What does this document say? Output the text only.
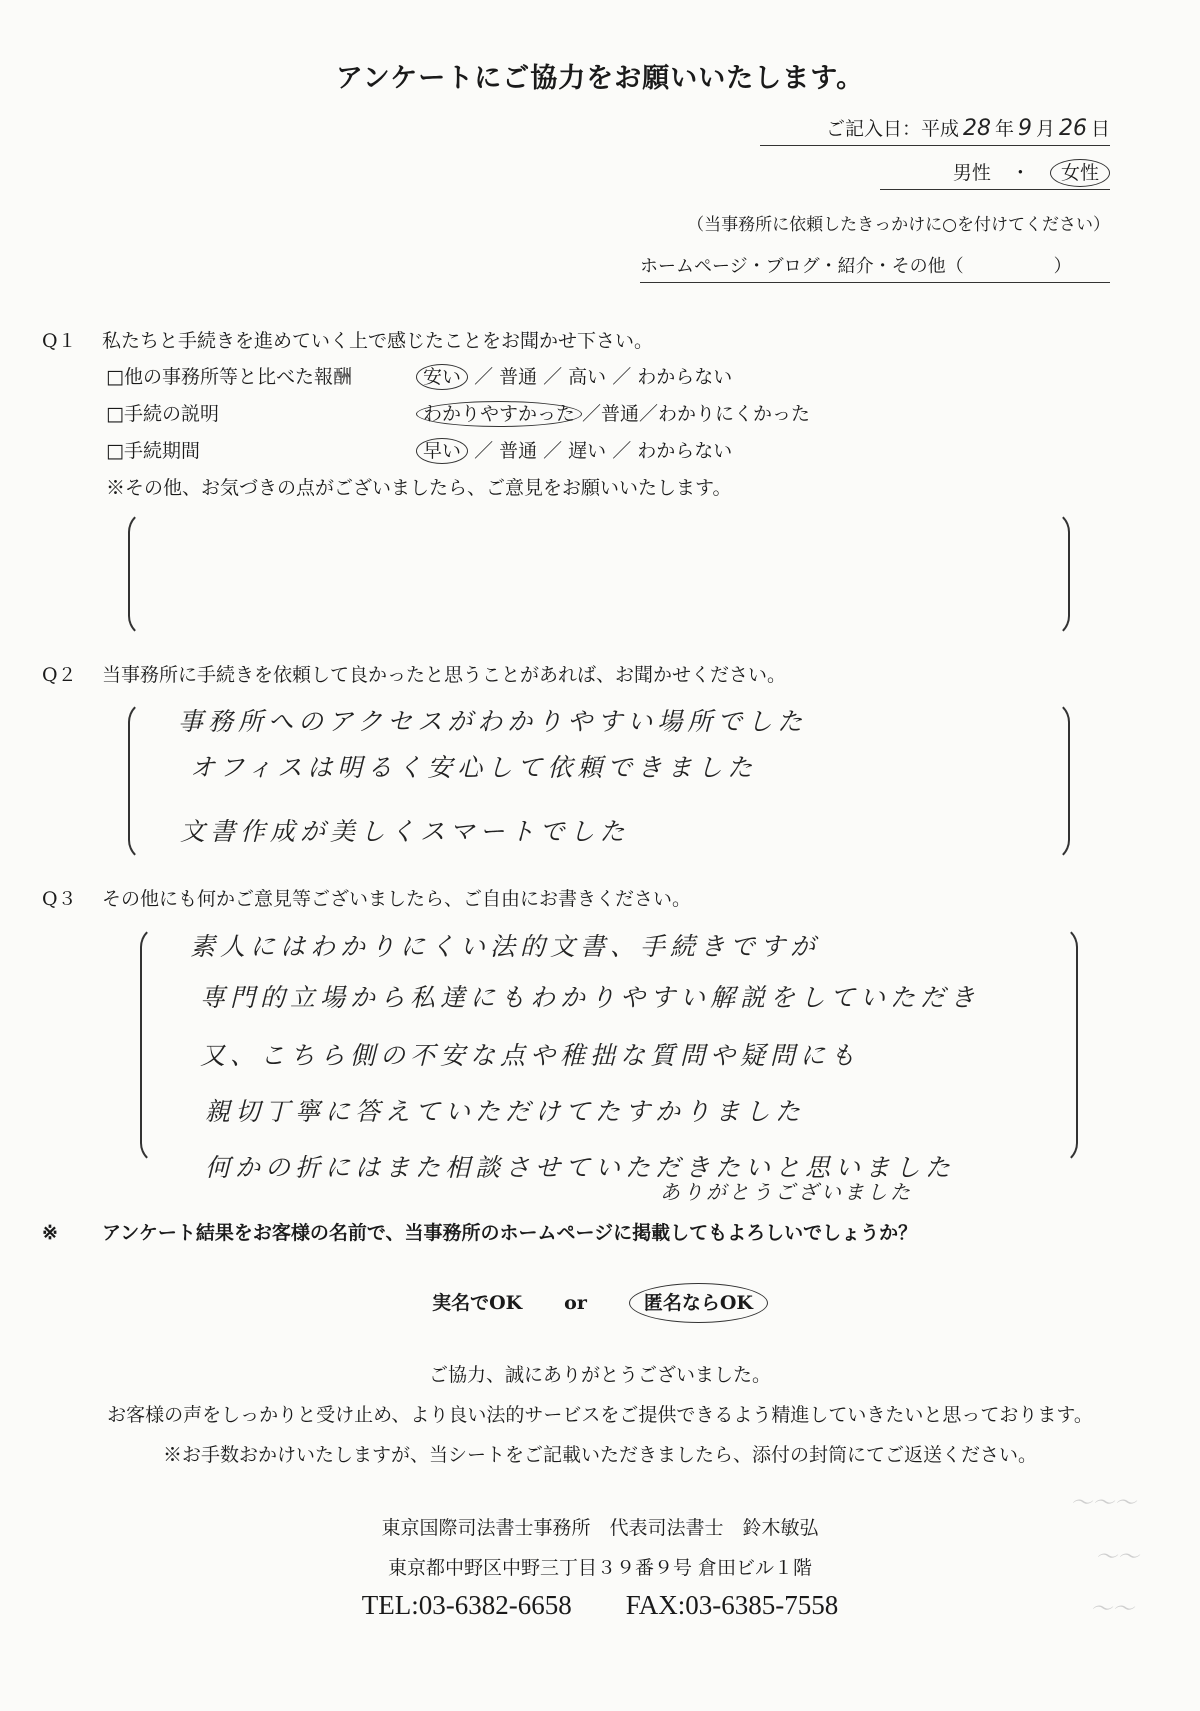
アンケートにご協力をお願いいたします。
ご記入日：平成 28 年 9 月 26 日
男性 ・ 女性
（当事務所に依頼したきっかけに○を付けてください）
ホームページ・ブログ・紹介・その他（　　　　　）
Q１ 私たちと手続きを進めていく上で感じたことをお聞かせ下さい。
□他の事務所等と比べた報酬	安い ／ 普通 ／ 高い ／ わからない
□手続の説明	わかりやすかった ／普通／わかりにくかった
□手続期間	早い ／ 普通 ／ 遅い ／ わからない
※その他、お気づきの点がございましたら、ご意見をお願いいたします。
Q２ 当事務所に手続きを依頼して良かったと思うことがあれば、お聞かせください。
事務所へのアクセスがわかりやすい場所でした
オフィスは明るく安心して依頼できました
文書作成が美しくスマートでした
Q３ その他にも何かご意見等ございましたら、ご自由にお書きください。
素人にはわかりにくい法的文書、手続きですが
専門的立場から私達にもわかりやすい解説をしていただき
又、こちら側の不安な点や稚拙な質問や疑問にも
親切丁寧に答えていただけてたすかりました
何かの折にはまた相談させていただきたいと思いました
ありがとうございました
※ アンケート結果をお客様の名前で、当事務所のホームページに掲載してもよろしいでしょうか？
実名でOK or	匿名ならOK
ご協力、誠にありがとうございました。
お客様の声をしっかりと受け止め、より良い法的サービスをご提供できるよう精進していきたいと思っております。
※お手数おかけいたしますが、当シートをご記載いただきましたら、添付の封筒にてご返送ください。
東京国際司法書士事務所　代表司法書士　鈴木敏弘
東京都中野区中野三丁目３９番９号 倉田ビル１階
TEL:03-6382-6658 FAX:03-6385-7558
〜〜〜
〜〜
〜〜
